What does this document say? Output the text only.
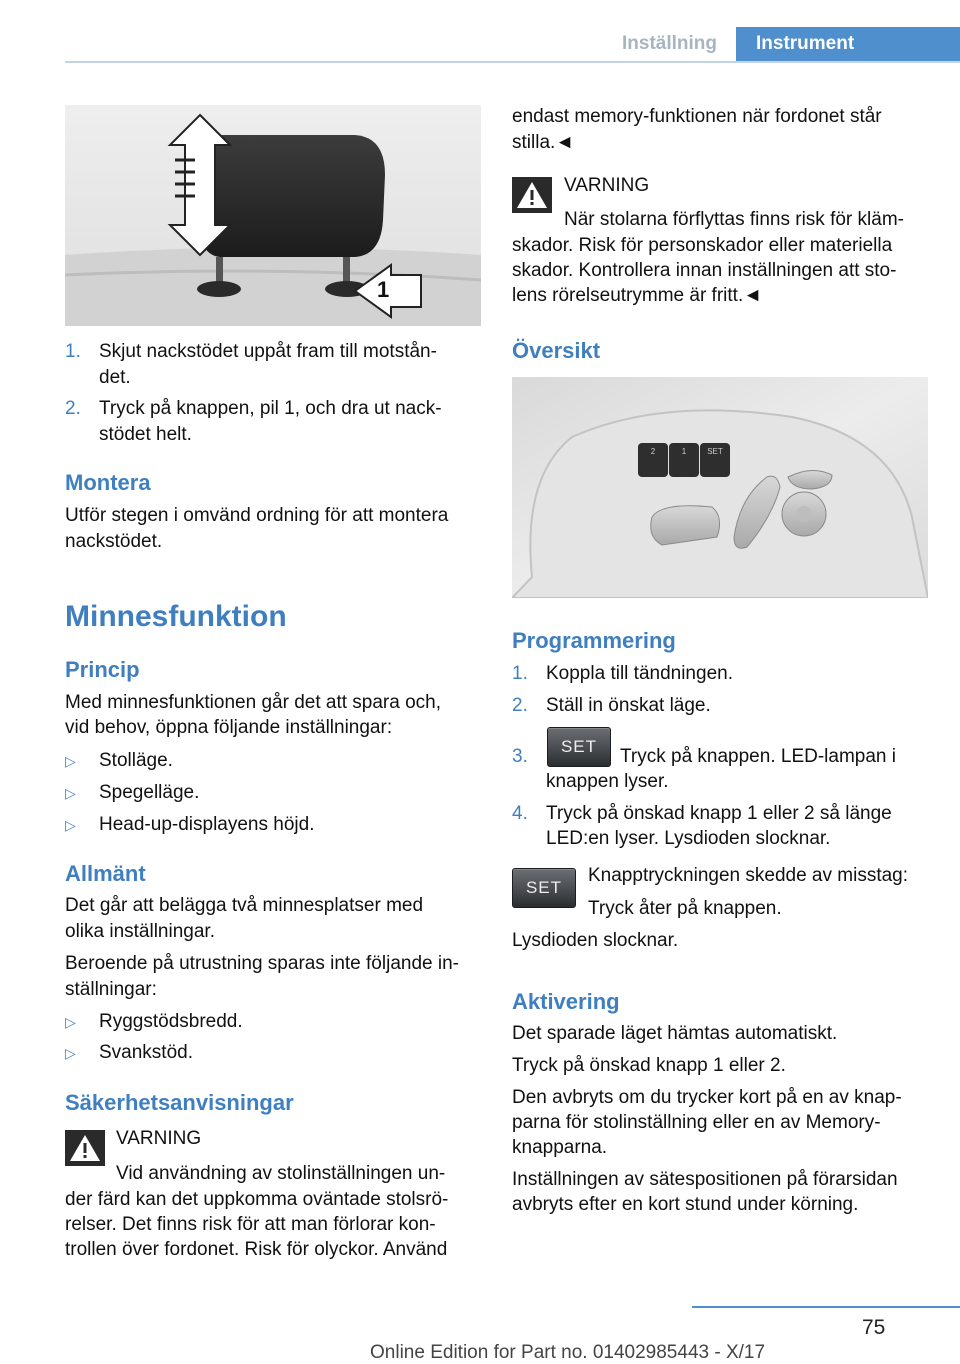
Inställning	Instrument
1
1. Skjut nackstödet uppåt fram till motstån-
det.
2. Tryck på knappen, pil 1, och dra ut nack-
stödet helt.
Montera
Utför stegen i omvänd ordning för att montera
nackstödet.
Minnesfunktion
Princip
Med minnesfunktionen går det att spara och,
vid behov, öppna följande inställningar:
▷ Stolläge.
▷ Spegelläge.
▷ Head-up-displayens höjd.
Allmänt
Det går att belägga två minnesplatser med
olika inställningar.
Beroende på utrustning sparas inte följande in-
ställningar:
▷ Ryggstödsbredd.
▷ Svankstöd.
Säkerhetsanvisningar
VARNING
Vid användning av stolinställningen un-
der färd kan det uppkomma oväntade stolsrö-
relser. Det finns risk för att man förlorar kon-
trollen över fordonet. Risk för olyckor. Använd
endast memory-funktionen när fordonet står
stilla.◄
VARNING
När stolarna förflyttas finns risk för kläm-
skador. Risk för personskador eller materiella
skador. Kontrollera innan inställningen att sto-
lens rörelseutrymme är fritt.◄
Översikt
2	1	SET
Programmering
1. Koppla till tändningen.
2. Ställ in önskat läge.
3.	SET	Tryck på knappen. LED-lampan i
knappen lyser.
4. Tryck på önskad knapp 1 eller 2 så länge
LED:en lyser. Lysdioden slocknar.
SET
Knapptryckningen skedde av misstag:
Tryck åter på knappen.
Lysdioden slocknar.
Aktivering
Det sparade läget hämtas automatiskt.
Tryck på önskad knapp 1 eller 2.
Den avbryts om du trycker kort på en av knap-
parna för stolinställning eller en av Memory-
knapparna.
Inställningen av sätespositionen på förarsidan
avbryts efter en kort stund under körning.
75
Online Edition for Part no. 01402985443 - X/17
